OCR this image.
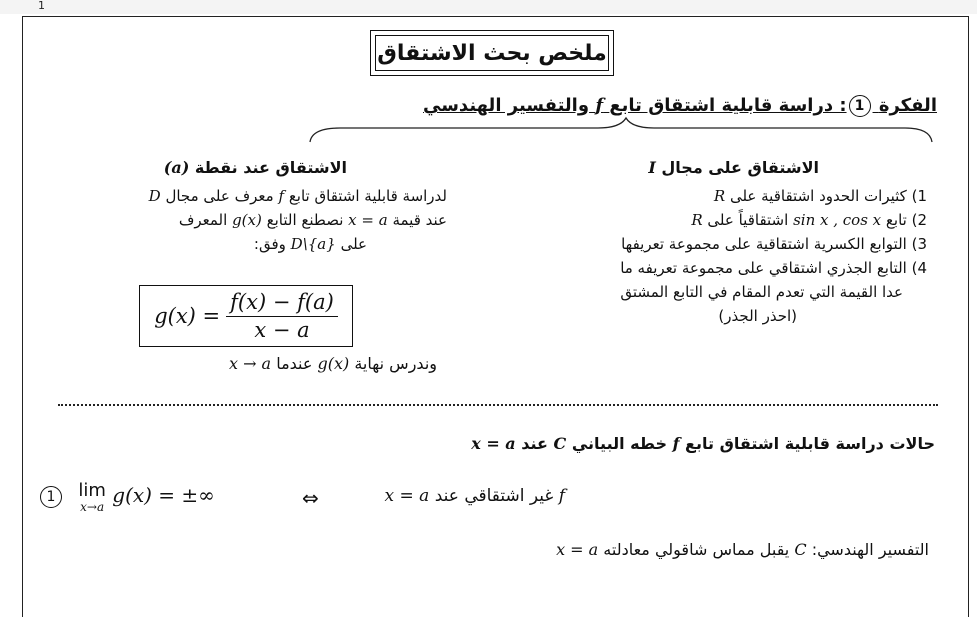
1
ملخص بحث الاشتقاق
الفكرة 1: دراسة قابلية اشتقاق تابع f والتفسير الهندسي
الاشتقاق على مجال I
1) كثيرات الحدود اشتقاقية على R
2) تابع sin x , cos x اشتقاقياً على R
3) التوابع الكسرية اشتقاقية على مجموعة تعريفها
4) التابع الجذري اشتقاقي على مجموعة تعريفه ما
عدا القيمة التي تعدم المقام في التابع المشتق
(احذر الجذر)
الاشتقاق عند نقطة (a)
لدراسة قابلية اشتقاق تابع f معرف على مجال D
عند قيمة x = a نصطنع التابع g(x) المعرف
على D\{a} وفق:
$g(x) = \frac{f(x) - f(a)}{x - a}$
وندرس نهاية g(x) عندما x → a
حالات دراسة قابلية اشتقاق تابع f خطه البياني C عند x = a
1 lim
x→a g(x) = ±∞	⇔	f غير اشتقاقي عند x = a
التفسير الهندسي: C يقبل مماس شاقولي معادلته x = a
